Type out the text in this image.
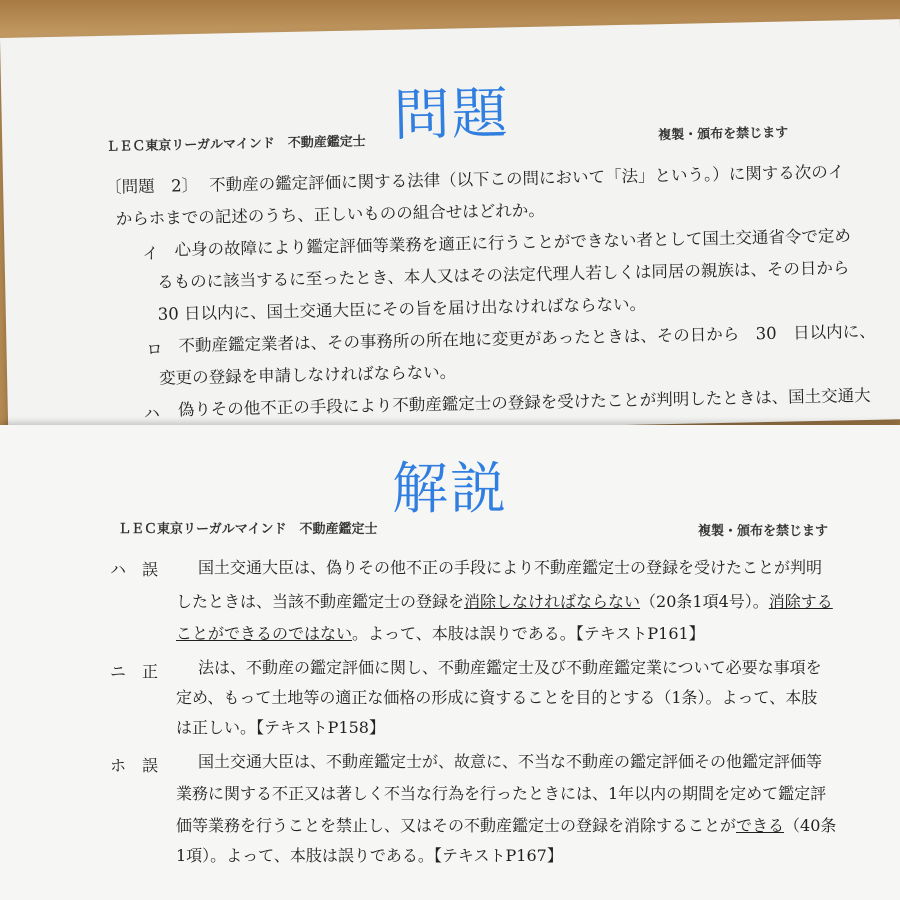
問題
ＬＥＣ東京リーガルマインド　不動産鑑定士	複製・頒布を禁じます
〔問題　2〕 不動産の鑑定評価に関する法律（以下この問において「法」という。）に関する次のイ
からホまでの記述のうち、正しいものの組合せはどれか。
イ 心身の故障により鑑定評価等業務を適正に行うことができない者として国土交通省令で定め
るものに該当するに至ったとき、本人又はその法定代理人若しくは同居の親族は、その日から
30 日以内に、国土交通大臣にその旨を届け出なければならない。
ロ 不動産鑑定業者は、その事務所の所在地に変更があったときは、その日から　30　日以内に、
変更の登録を申請しなければならない。
ハ 偽りその他不正の手段により不動産鑑定士の登録を受けたことが判明したときは、国土交通大
解説
ＬＥＣ東京リーガルマインド　不動産鑑定士	複製・頒布を禁じます
ハ 誤 国土交通大臣は、偽りその他不正の手段により不動産鑑定士の登録を受けたことが判明
したときは、当該不動産鑑定士の登録を消除しなければならない（20条1項4号）。消除する
ことができるのではない。よって、本肢は誤りである。【テキストP161】
ニ 正 法は、不動産の鑑定評価に関し、不動産鑑定士及び不動産鑑定業について必要な事項を
定め、もって土地等の適正な価格の形成に資することを目的とする（1条）。よって、本肢
は正しい。【テキストP158】
ホ 誤 国土交通大臣は、不動産鑑定士が、故意に、不当な不動産の鑑定評価その他鑑定評価等
業務に関する不正又は著しく不当な行為を行ったときには、1年以内の期間を定めて鑑定評
価等業務を行うことを禁止し、又はその不動産鑑定士の登録を消除することができる（40条
1項）。よって、本肢は誤りである。【テキストP167】
